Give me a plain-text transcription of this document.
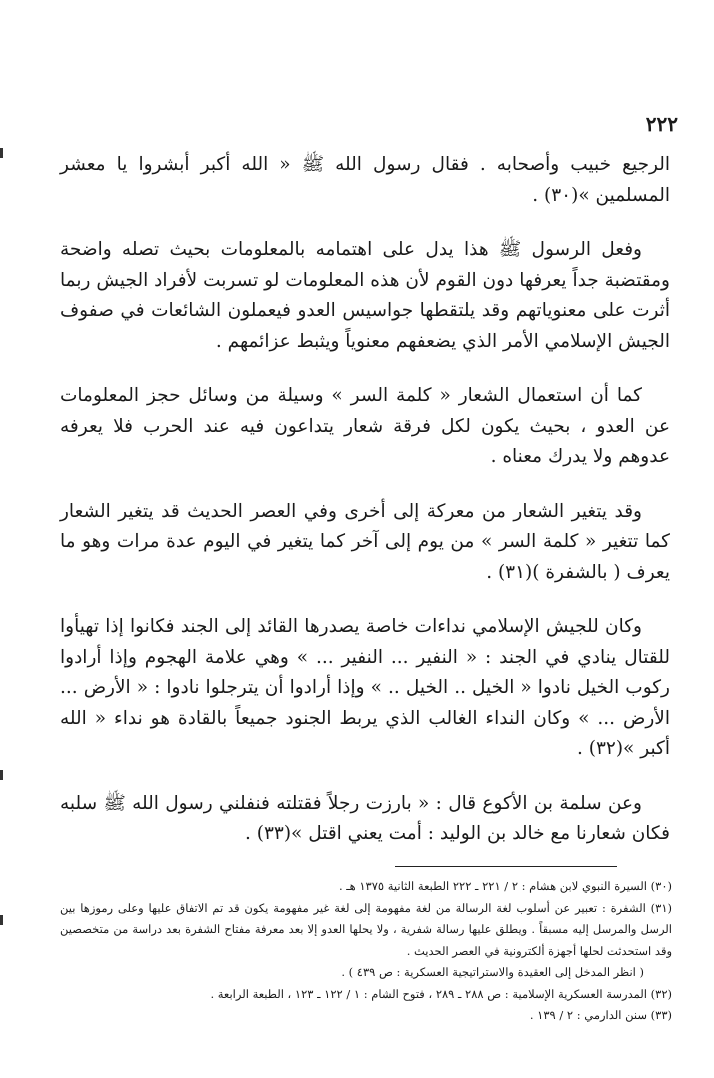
٢٢٢

الرجيع خبيب وأصحابه . فقال رسول الله ﷺ « الله أكبر أبشروا يا معشر المسلمين »(٣٠) .

وفعل الرسول ﷺ هذا يدل على اهتمامه بالمعلومات بحيث تصله واضحة ومقتضبة جداً يعرفها دون القوم لأن هذه المعلومات لو تسربت لأفراد الجيش ربما أثرت على معنوياتهم وقد يلتقطها جواسيس العدو فيعملون الشائعات في صفوف الجيش الإسلامي الأمر الذي يضعفهم معنوياً ويثبط عزائمهم .

كما أن استعمال الشعار « كلمة السر » وسيلة من وسائل حجز المعلومات عن العدو ، بحيث يكون لكل فرقة شعار يتداعون فيه عند الحرب فلا يعرفه عدوهم ولا يدرك معناه .

وقد يتغير الشعار من معركة إلى أخرى وفي العصر الحديث قد يتغير الشعار كما تتغير « كلمة السر » من يوم إلى آخر كما يتغير في اليوم عدة مرات وهو ما يعرف ( بالشفرة )(٣١) .

وكان للجيش الإسلامي نداءات خاصة يصدرها القائد إلى الجند فكانوا إذا تهيأوا للقتال ينادي في الجند : « النفير ... النفير ... » وهي علامة الهجوم وإذا أرادوا ركوب الخيل نادوا « الخيل .. الخيل .. » وإذا أرادوا أن يترجلوا نادوا : « الأرض ... الأرض ... » وكان النداء الغالب الذي يربط الجنود جميعاً بالقادة هو نداء « الله أكبر »(٣٢) .

وعن سلمة بن الأكوع قال : « بارزت رجلاً فقتلته فنفلني رسول الله ﷺ سلبه فكان شعارنا مع خالد بن الوليد : أمت يعني اقتل »(٣٣) .

(٣٠) السيرة النبوي لابن هشام : ٢ / ٢٢١ ـ ٢٢٢ الطبعة الثانية ١٣٧٥ هـ .

(٣١) الشفرة : تعبير عن أسلوب لغة الرسالة من لغة مفهومة إلى لغة غير مفهومة يكون قد تم الاتفاق عليها وعلى رموزها بين الرسل والمرسل إليه مسبقاً . ويطلق عليها رسالة شفرية ، ولا يحلها العدو إلا بعد معرفة مفتاح الشفرة بعد دراسة من متخصصين وقد استحدثت لحلها أجهزة ألكترونية في العصر الحديث .

( انظر المدخل إلى العقيدة والاستراتيجية العسكرية : ص ٤٣٩ ) .

(٣٢) المدرسة العسكرية الإسلامية : ص ٢٨٨ ـ ٢٨٩ ، فتوح الشام : ١ / ١٢٢ ـ ١٢٣ ، الطبعة الرابعة .

(٣٣) سنن الدارمي : ٢ / ١٣٩ .
